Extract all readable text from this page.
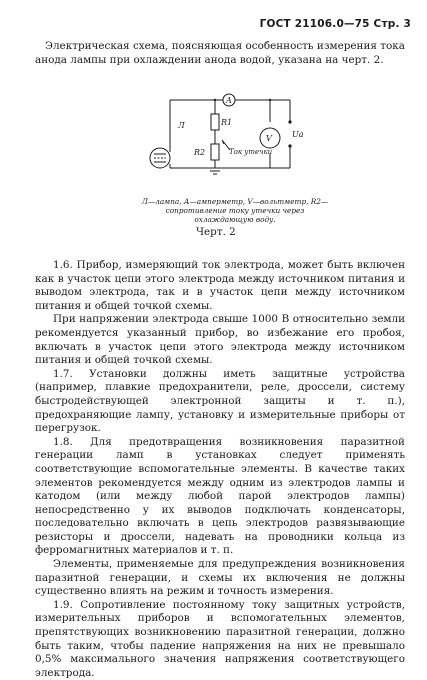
ГОСТ 21106.0—75 Стр. 3

Электрическая схема, поясняющая особенность измерения тока анода лампы при охлаждении анода водой, указана на черт. 2.

Л
A
R1
R2	Ток утечки
V	Uа
Л—лампа, А—амперметр, V—вольтметр, R2—сопротивление току утечки через охлаждающую воду.
Черт. 2

1.6. Прибор, измеряющий ток электрода, может быть включен как в участок цепи этого электрода между источником питания и выводом электрода, так и в участок цепи между источником питания и общей точкой схемы.

При напряжении электрода свыше 1000 В относительно земли рекомендуется указанный прибор, во избежание его пробоя, включать в участок цепи этого электрода между источником питания и общей точкой схемы.

1.7. Установки должны иметь защитные устройства (например, плавкие предохранители, реле, дроссели, систему быстродействующей электронной защиты и т. п.), предохраняющие лампу, установку и измерительные приборы от перегрузок.

1.8. Для предотвращения возникновения паразитной генерации ламп в установках следует применять соответствующие вспомогательные элементы. В качестве таких элементов рекомендуется между одним из электродов лампы и катодом (или между любой парой электродов лампы) непосредственно у их выводов подключать конденсаторы, последовательно включать в цепь электродов развязывающие резисторы и дроссели, надевать на проводники кольца из ферромагнитных материалов и т. п.

Элементы, применяемые для предупреждения возникновения паразитной генерации, и схемы их включения не должны существенно влиять на режим и точность измерения.

1.9. Сопротивление постоянному току защитных устройств, измерительных приборов и вспомогательных элементов, препятствующих возникновению паразитной генерации, должно быть таким, чтобы падение напряжения на них не превышало 0,5% максимального значения напряжения соответствующего электрода.
